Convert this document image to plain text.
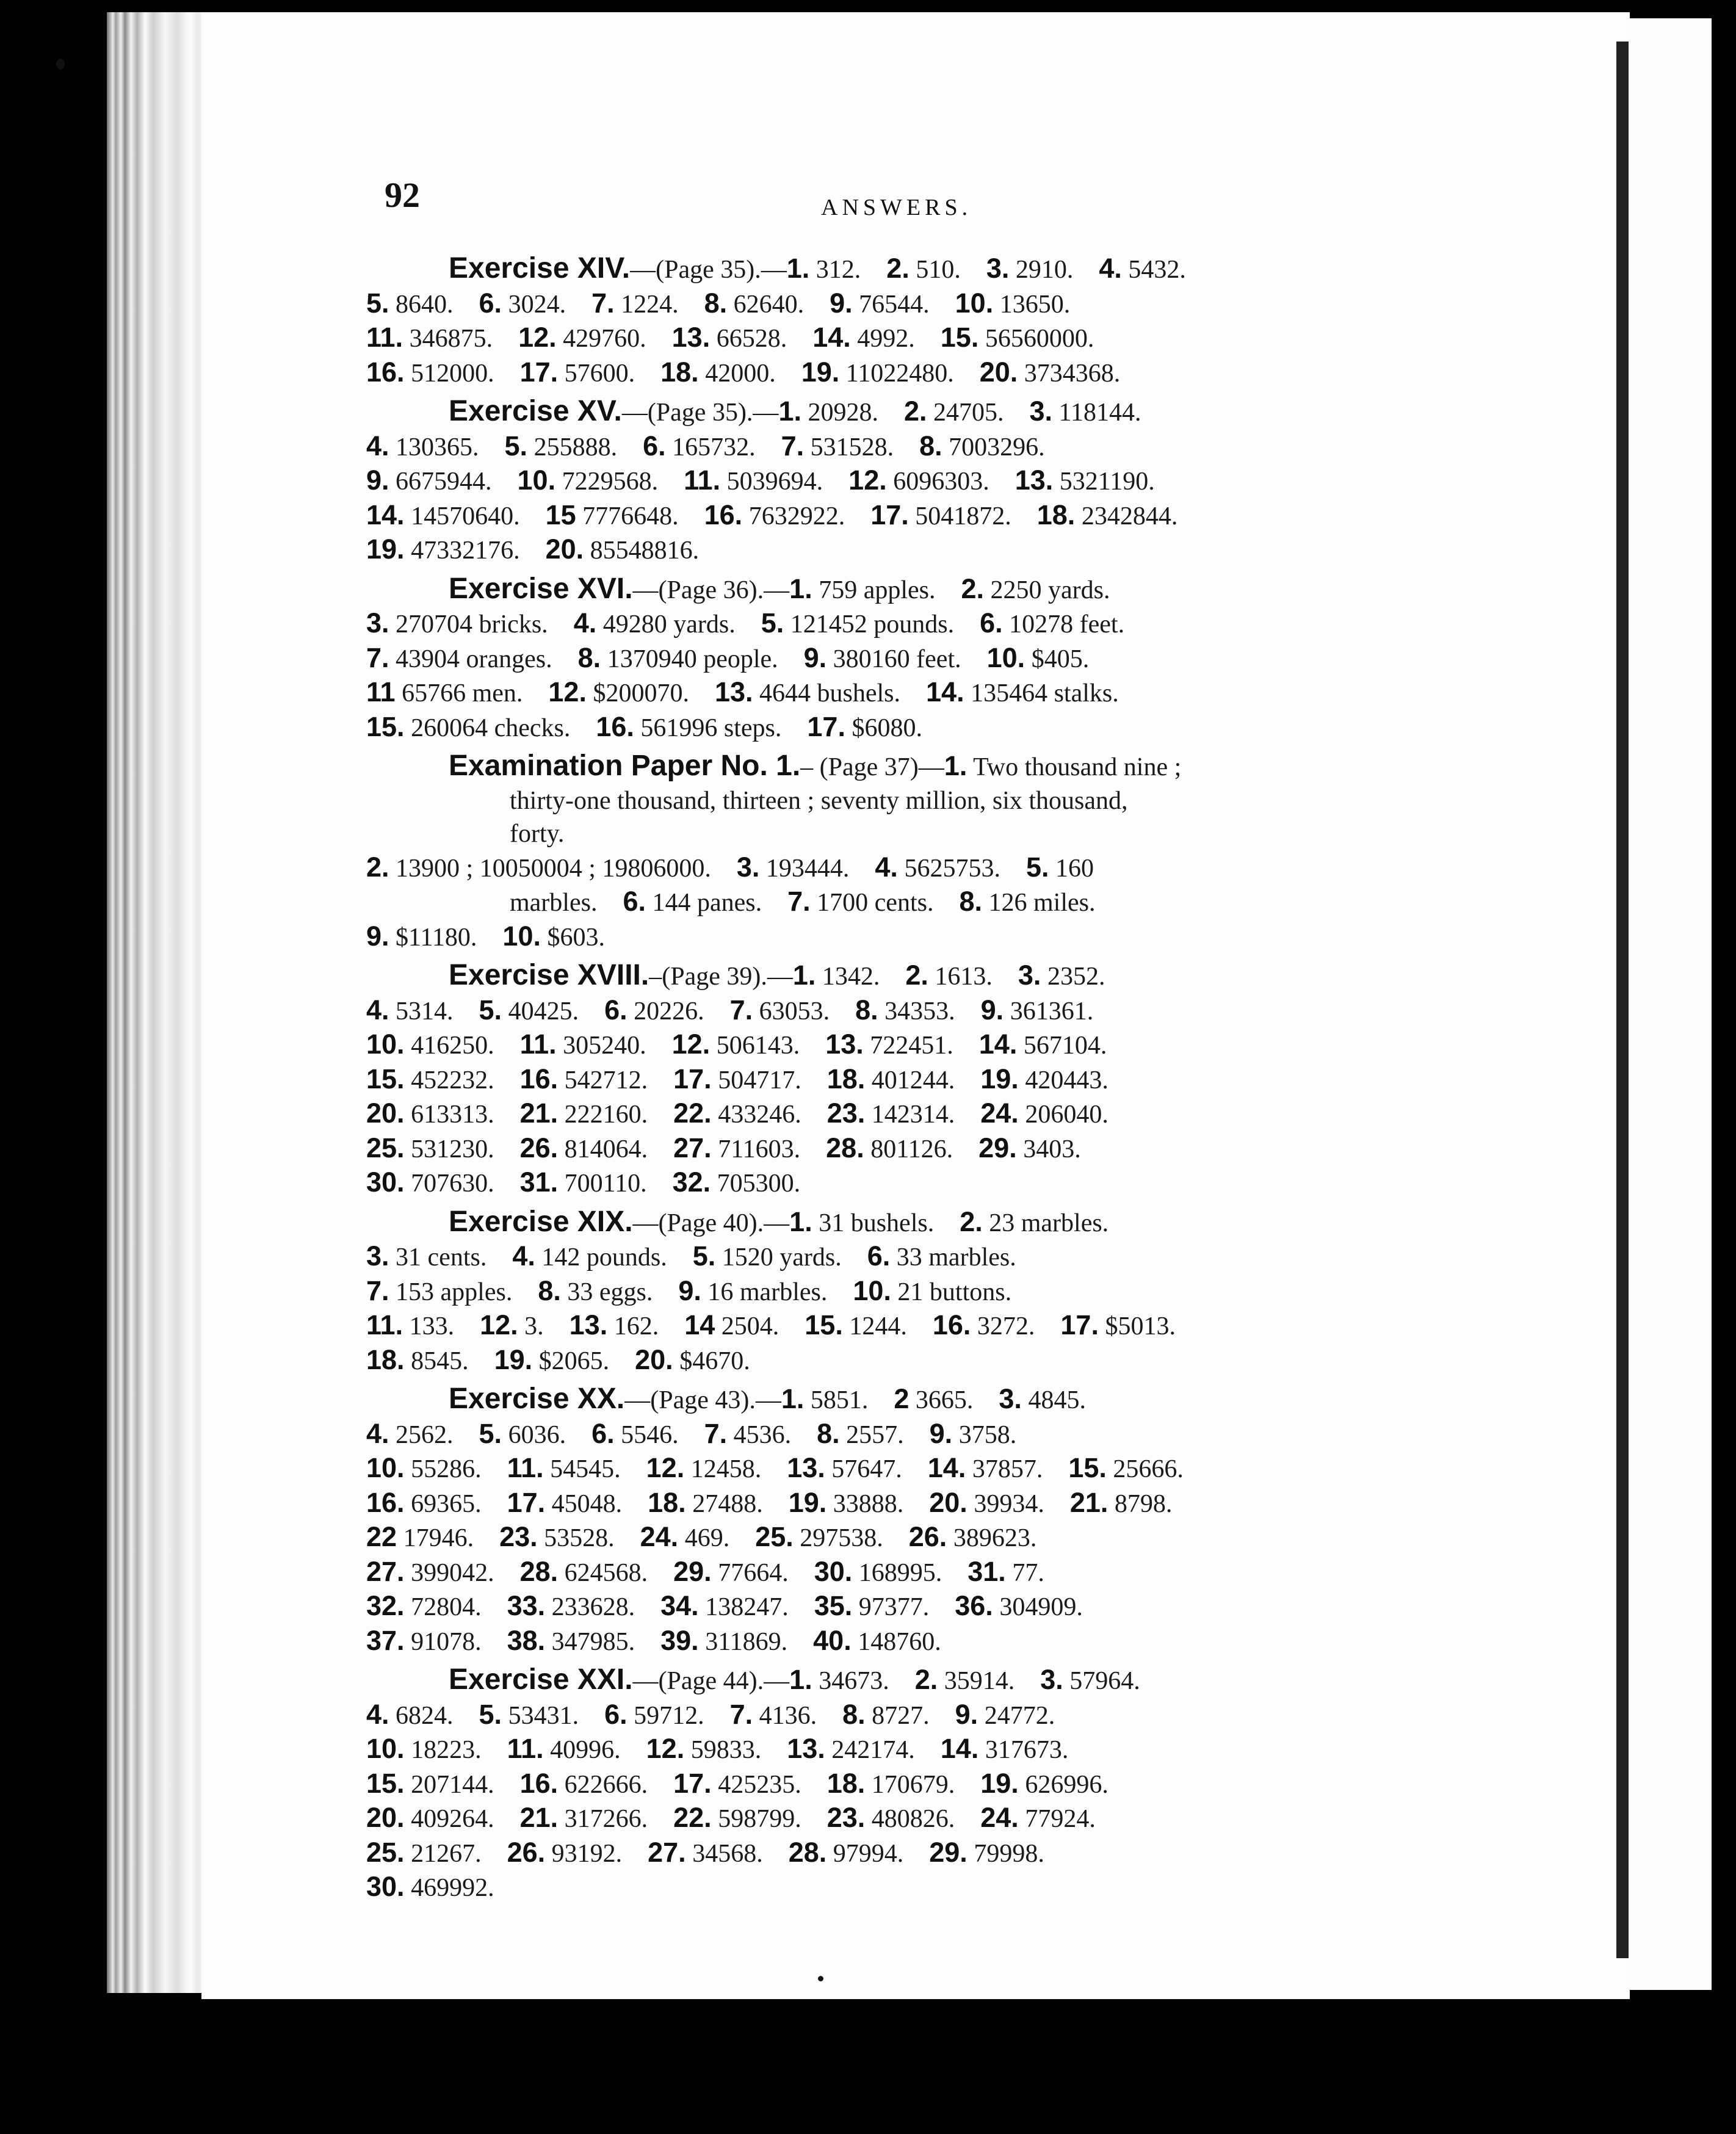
92	ANSWERS.
Exercise XIV.—(Page 35).—1. 312.  2. 510.  3. 2910.  4. 5432.
5. 8640.  6. 3024.  7. 1224.  8. 62640.  9. 76544.  10. 13650.
11. 346875.  12. 429760.  13. 66528.  14. 4992.  15. 56560000.
16. 512000.  17. 57600.  18. 42000.  19. 11022480.  20. 3734368.
Exercise XV.—(Page 35).—1. 20928.  2. 24705.  3. 118144.
4. 130365.  5. 255888.  6. 165732.  7. 531528.  8. 7003296.
9. 6675944.  10. 7229568.  11. 5039694.  12. 6096303.  13. 5321190.
14. 14570640.  15 7776648.  16. 7632922.  17. 5041872.  18. 2342844.
19. 47332176.  20. 85548816.
Exercise XVI.—(Page 36).—1. 759 apples.  2. 2250 yards.
3. 270704 bricks.  4. 49280 yards.  5. 121452 pounds.  6. 10278 feet.
7. 43904 oranges.  8. 1370940 people.  9. 380160 feet.  10. $405.
11 65766 men.  12. $200070.  13. 4644 bushels.  14. 135464 stalks.
15. 260064 checks.  16. 561996 steps.  17. $6080.
Examination Paper No. 1.– (Page 37)—1. Two thousand nine ;
thirty-one thousand, thirteen ; seventy million, six thousand,
forty.
2. 13900 ; 10050004 ; 19806000.  3. 193444.  4. 5625753.  5. 160
marbles.  6. 144 panes.  7. 1700 cents.  8. 126 miles.
9. $11180.  10. $603.
Exercise XVIII.–(Page 39).—1. 1342.  2. 1613.  3. 2352.
4. 5314.  5. 40425.  6. 20226.  7. 63053.  8. 34353.  9. 361361.
10. 416250.  11. 305240.  12. 506143.  13. 722451.  14. 567104.
15. 452232.  16. 542712.  17. 504717.  18. 401244.  19. 420443.
20. 613313.  21. 222160.  22. 433246.  23. 142314.  24. 206040.
25. 531230.  26. 814064.  27. 711603.  28. 801126.  29. 3403.
30. 707630.  31. 700110.  32. 705300.
Exercise XIX.—(Page 40).—1. 31 bushels.  2. 23 marbles.
3. 31 cents.  4. 142 pounds.  5. 1520 yards.  6. 33 marbles.
7. 153 apples.  8. 33 eggs.  9. 16 marbles.  10. 21 buttons.
11. 133.  12. 3.  13. 162.  14 2504.  15. 1244.  16. 3272.  17. $5013.
18. 8545.  19. $2065.  20. $4670.
Exercise XX.—(Page 43).—1. 5851.  2 3665.  3. 4845.
4. 2562.  5. 6036.  6. 5546.  7. 4536.  8. 2557.  9. 3758.
10. 55286.  11. 54545.  12. 12458.  13. 57647.  14. 37857.  15. 25666.
16. 69365.  17. 45048.  18. 27488.  19. 33888.  20. 39934.  21. 8798.
22 17946.  23. 53528.  24. 469.  25. 297538.  26. 389623.
27. 399042.  28. 624568.  29. 77664.  30. 168995.  31. 77.
32. 72804.  33. 233628.  34. 138247.  35. 97377.  36. 304909.
37. 91078.  38. 347985.  39. 311869.  40. 148760.
Exercise XXI.—(Page 44).—1. 34673.  2. 35914.  3. 57964.
4. 6824.  5. 53431.  6. 59712.  7. 4136.  8. 8727.  9. 24772.
10. 18223.  11. 40996.  12. 59833.  13. 242174.  14. 317673.
15. 207144.  16. 622666.  17. 425235.  18. 170679.  19. 626996.
20. 409264.  21. 317266.  22. 598799.  23. 480826.  24. 77924.
25. 21267.  26. 93192.  27. 34568.  28. 97994.  29. 79998.
30. 469992.
